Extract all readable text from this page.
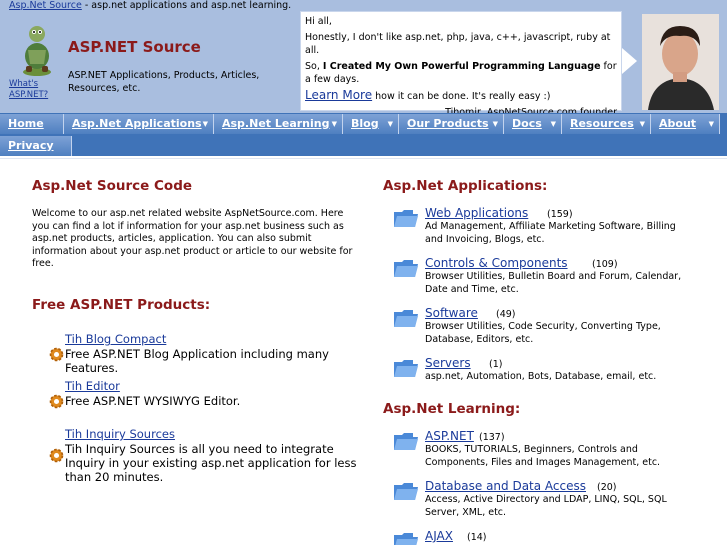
Asp.Net Source - asp.net applications and asp.net learning.
What's ASP.NET?
ASP.NET Source
ASP.NET Applications, Products, Articles, Resources, etc.

Hi all,

Honestly, I don't like asp.net, php, java, c++, javascript, ruby at all.

So, I Created My Own Powerful Programming Language for a few days.

Learn More how it can be done. It's really easy :)

Home	Asp.Net Applications ▼	Asp.Net Learning ▼	Blog ▼	Our Products ▼	Docs ▼	Resources ▼	About ▼
Privacy
Asp.Net Source Code

Welcome to our asp.net related website AspNetSource.com. Here you can find a lot if information for your asp.net business such as asp.net products, articles, application. You can also submit information about your asp.net product or article to our website for free.

Free ASP.NET Products:
Tih Blog Compact
Free ASP.NET Blog Application including many Features.
Tih Editor
Free ASP.NET WYSIWYG Editor.
Tih Inquiry Sources
Tih Inquiry Sources is all you need to integrate Inquiry in your existing asp.net application for less than 20 minutes.
Asp.Net Applications:
Web Applications (159)
Ad Management, Affiliate Marketing Software, Billing and Invoicing, Blogs, etc.
Controls & Components	(109)
Browser Utilities, Bulletin Board and Forum, Calendar, Date and Time, etc.
Software (49)
Browser Utilities, Code Security, Converting Type, Database, Editors, etc.
Servers (1)
asp.net, Automation, Bots, Database, email, etc.
Asp.Net Learning:
ASP.NET (137)
BOOKS, TUTORIALS, Beginners, Controls and Components, Files and Images Management, etc.
Database and Data Access (20)
Access, Active Directory and LDAP, LINQ, SQL, SQL Server, XML, etc.
AJAX (14)
